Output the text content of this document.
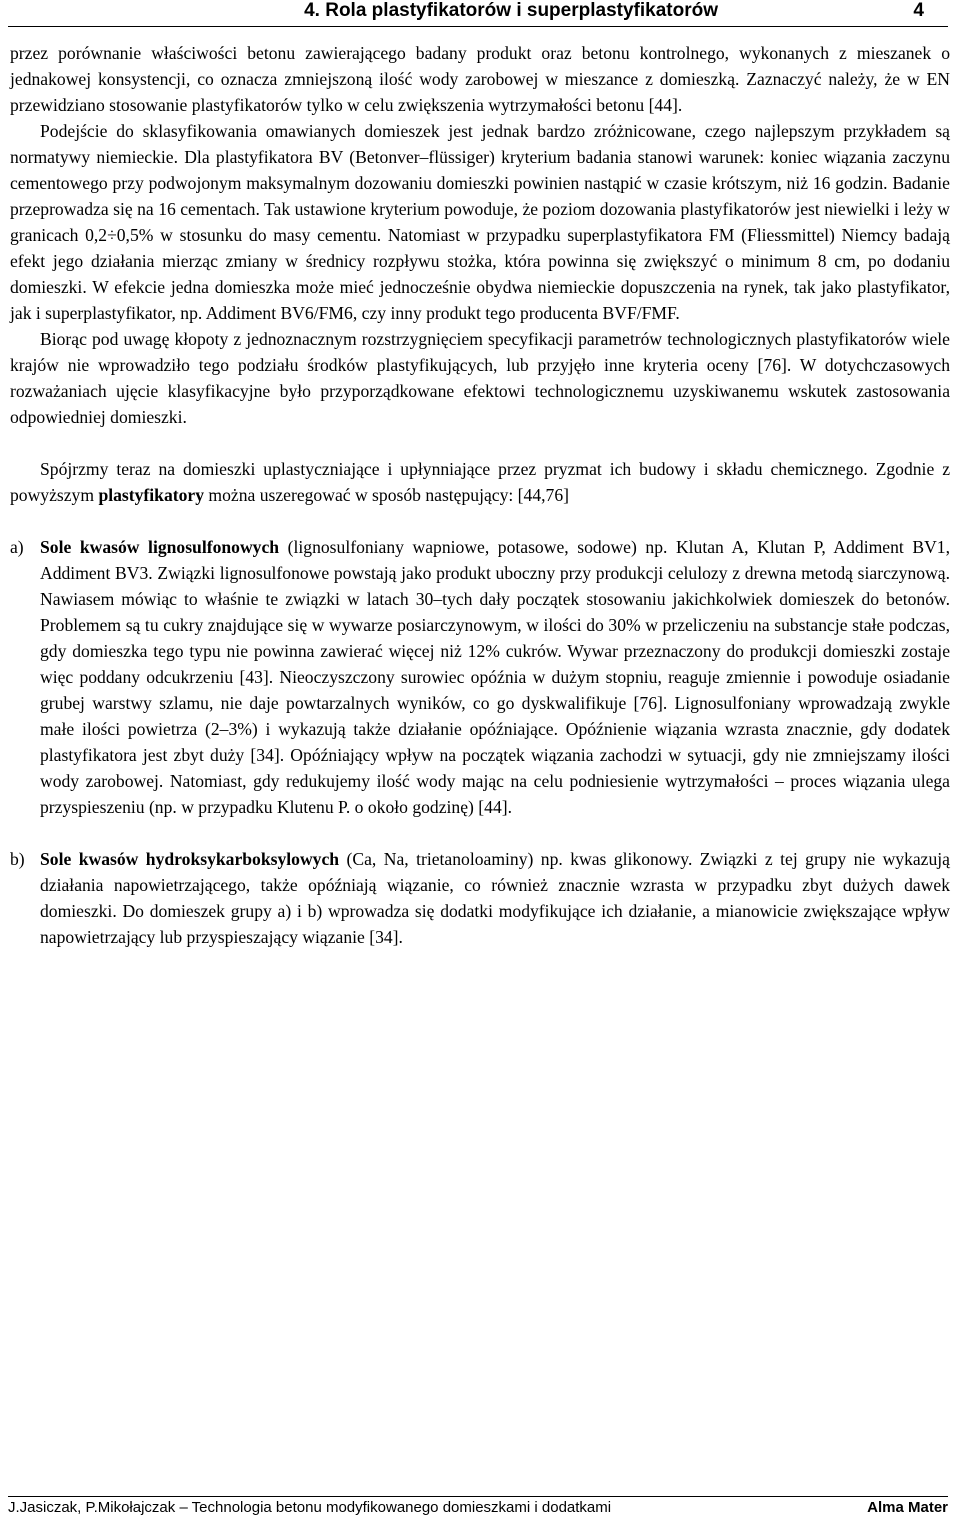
4. Rola plastyfikatorów i superplastyfikatorów	4

przez porównanie właściwości betonu zawierającego badany produkt oraz betonu kontrolnego, wykonanych z mieszanek o jednakowej konsystencji, co oznacza zmniejszoną ilość wody zarobowej w mieszance z domieszką. Zaznaczyć należy, że w EN przewidziano stosowanie plastyfikatorów tylko w celu zwiększenia wytrzymałości betonu [44].

Podejście do sklasyfikowania omawianych domieszek jest jednak bardzo zróżnicowane, czego najlepszym przykładem są normatywy niemieckie. Dla plastyfikatora BV (Betonver–flüssiger) kryterium badania stanowi warunek: koniec wiązania zaczynu cementowego przy podwojonym maksymalnym dozowaniu domieszki powinien nastąpić w czasie krótszym, niż 16 godzin. Badanie przeprowadza się na 16 cementach. Tak ustawione kryterium powoduje, że poziom dozowania plastyfikatorów jest niewielki i leży w granicach 0,2÷0,5% w stosunku do masy cementu. Natomiast w przypadku superplastyfikatora FM (Fliessmittel) Niemcy badają efekt jego działania mierząc zmiany w średnicy rozpływu stożka, która powinna się zwiększyć o minimum 8 cm, po dodaniu domieszki. W efekcie jedna domieszka może mieć jednocześnie obydwa niemieckie dopuszczenia na rynek, tak jako plastyfikator, jak i superplastyfikator, np. Addiment BV6/FM6, czy inny produkt tego producenta BVF/FMF.

Biorąc pod uwagę kłopoty z jednoznacznym rozstrzygnięciem specyfikacji parametrów technologicznych plastyfikatorów wiele krajów nie wprowadziło tego podziału środków plastyfikujących, lub przyjęło inne kryteria oceny [76]. W dotychczasowych rozważaniach ujęcie klasyfikacyjne było przyporządkowane efektowi technologicznemu uzyskiwanemu wskutek zastosowania odpowiedniej domieszki.

Spójrzmy teraz na domieszki uplastyczniające i upłynniające przez pryzmat ich budowy i składu chemicznego. Zgodnie z powyższym plastyfikatory można uszeregować w sposób następujący: [44,76]

a) Sole kwasów lignosulfonowych (lignosulfoniany wapniowe, potasowe, sodowe) np. Klutan A, Klutan P, Addiment BV1, Addiment BV3. Związki lignosulfonowe powstają jako produkt uboczny przy produkcji celulozy z drewna metodą siarczynową. Nawiasem mówiąc to właśnie te związki w latach 30–tych dały początek stosowaniu jakichkolwiek domieszek do betonów. Problemem są tu cukry znajdujące się w wywarze posiarczynowym, w ilości do 30% w przeliczeniu na substancje stałe podczas, gdy domieszka tego typu nie powinna zawierać więcej niż 12% cukrów. Wywar przeznaczony do produkcji domieszki zostaje więc poddany odcukrzeniu [43]. Nieoczyszczony surowiec opóźnia w dużym stopniu, reaguje zmiennie i powoduje osiadanie grubej warstwy szlamu, nie daje powtarzalnych wyników, co go dyskwalifikuje [76]. Lignosulfoniany wprowadzają zwykle małe ilości powietrza (2–3%) i wykazują także działanie opóźniające. Opóźnienie wiązania wzrasta znacznie, gdy dodatek plastyfikatora jest zbyt duży [34]. Opóźniający wpływ na początek wiązania zachodzi w sytuacji, gdy nie zmniejszamy ilości wody zarobowej. Natomiast, gdy redukujemy ilość wody mając na celu podniesienie wytrzymałości – proces wiązania ulega przyspieszeniu (np. w przypadku Klutenu P. o około godzinę) [44].

b) Sole kwasów hydroksykarboksylowych (Ca, Na, trietanoloaminy) np. kwas glikonowy. Związki z tej grupy nie wykazują działania napowietrzającego, także opóźniają wiązanie, co również znacznie wzrasta w przypadku zbyt dużych dawek domieszki. Do domieszek grupy a) i b) wprowadza się dodatki modyfikujące ich działanie, a mianowicie zwiększające wpływ napowietrzający lub przyspieszający wiązanie [34].

J.Jasiczak, P.Mikołajczak – Technologia betonu modyfikowanego domieszkami i dodatkami	Alma Mater
